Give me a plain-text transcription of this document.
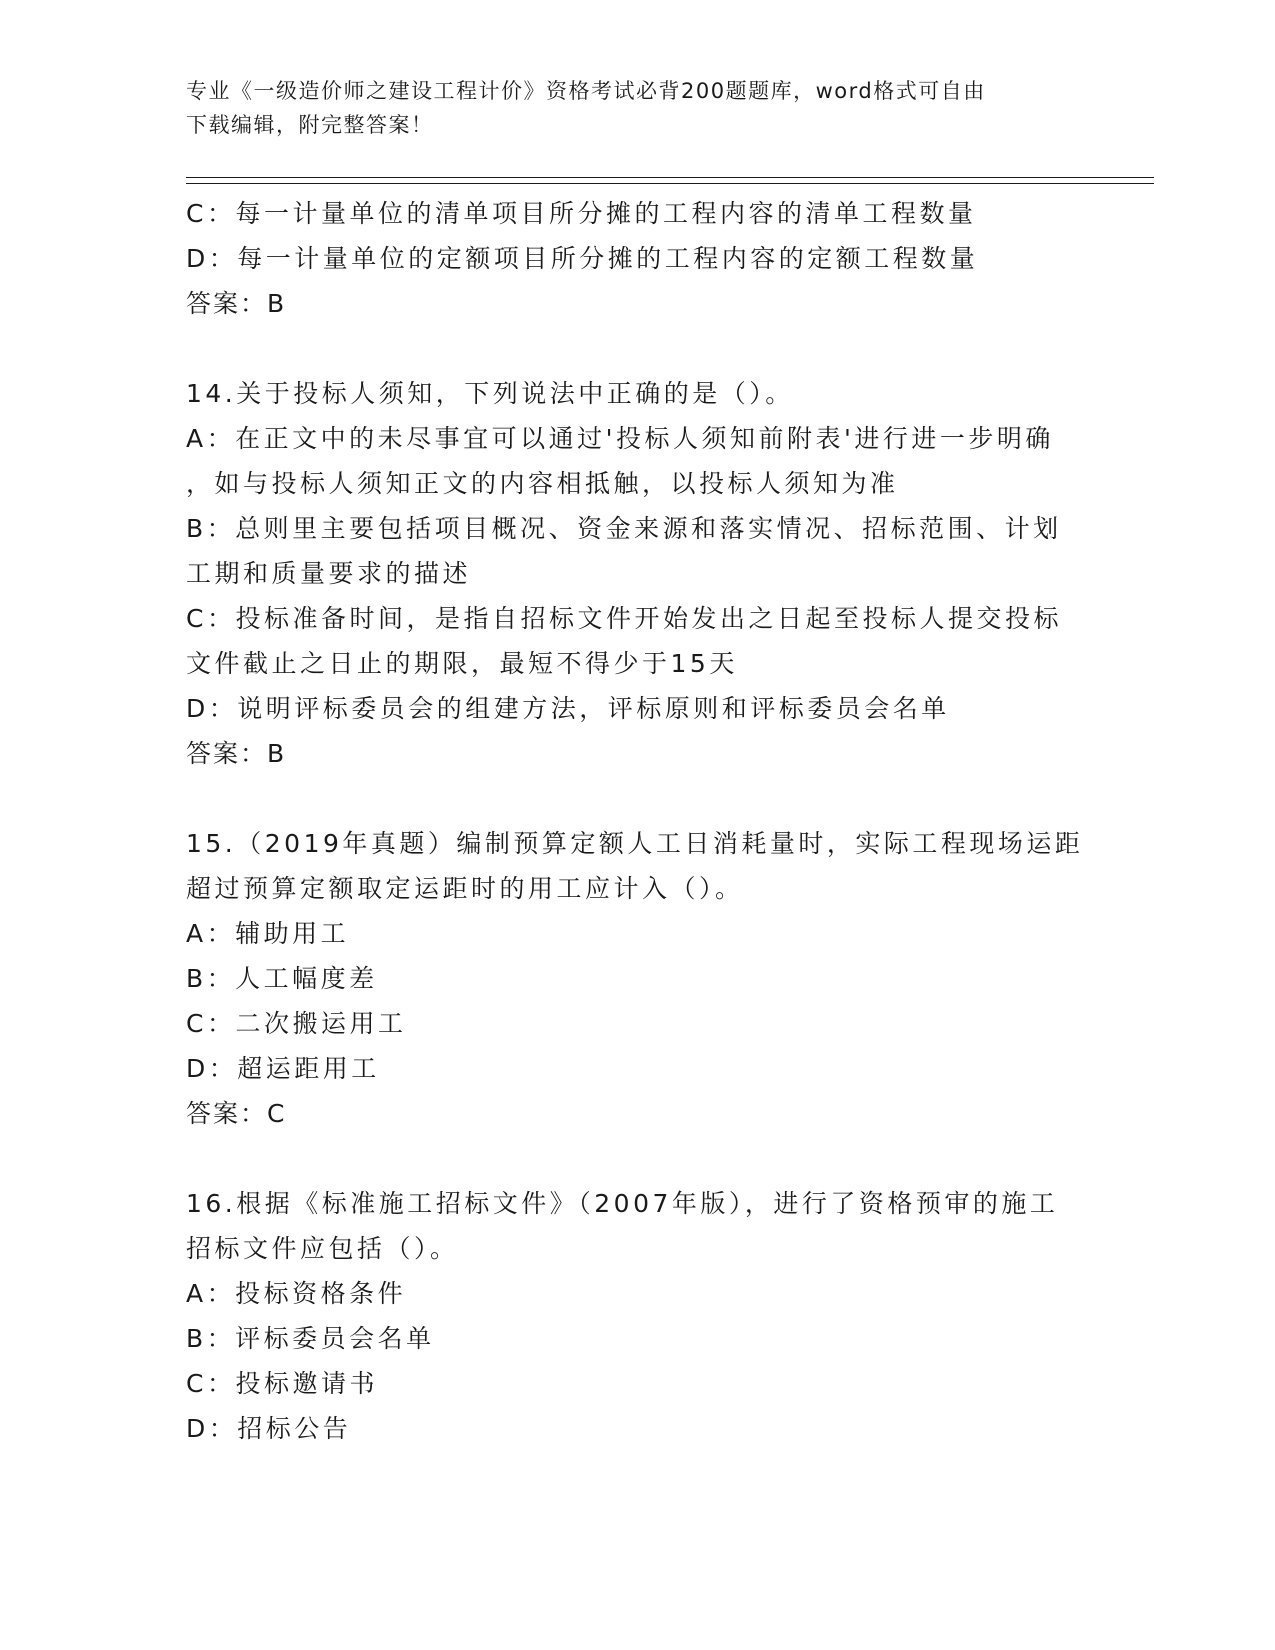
专业《一级造价师之建设工程计价》资格考试必背200题题库，word格式可自由
下载编辑，附完整答案！
C：每一计量单位的清单项目所分摊的工程内容的清单工程数量
D：每一计量单位的定额项目所分摊的工程内容的定额工程数量
答案：B
14.关于投标人须知，下列说法中正确的是（）。
A：在正文中的未尽事宜可以通过'投标人须知前附表'进行进一步明确
，如与投标人须知正文的内容相抵触，以投标人须知为准
B：总则里主要包括项目概况、资金来源和落实情况、招标范围、计划
工期和质量要求的描述
C：投标准备时间，是指自招标文件开始发出之日起至投标人提交投标
文件截止之日止的期限，最短不得少于15天
D：说明评标委员会的组建方法，评标原则和评标委员会名单
答案：B
15.（2019年真题）编制预算定额人工日消耗量时，实际工程现场运距
超过预算定额取定运距时的用工应计入（）。
A：辅助用工
B：人工幅度差
C：二次搬运用工
D：超运距用工
答案：C
16.根据《标准施工招标文件》（2007年版），进行了资格预审的施工
招标文件应包括（）。
A：投标资格条件
B：评标委员会名单
C：投标邀请书
D：招标公告
